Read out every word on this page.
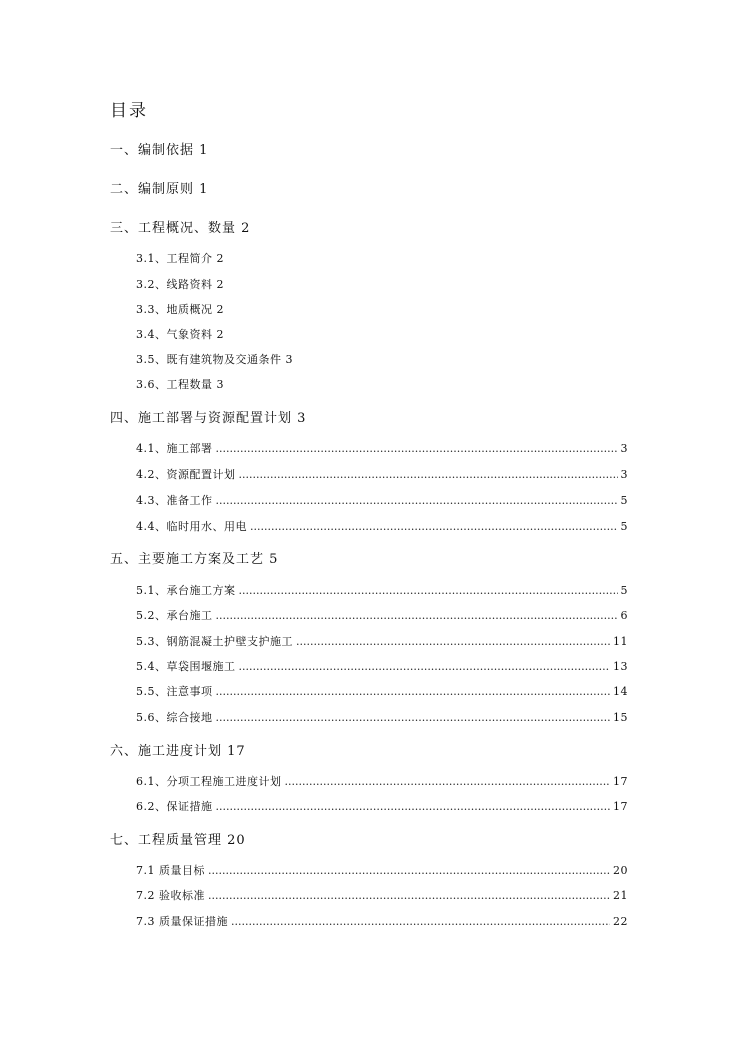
目录
一、编制依据 1
二、编制原则 1
三、工程概况、数量 2
3.1、工程简介 2
3.2、线路资料 2
3.3、地质概况 2
3.4、气象资料 2
3.5、既有建筑物及交通条件 3
3.6、工程数量 3
四、施工部署与资源配置计划 3
4.1、施工部署 .....	3
4.2、资源配置计划 .....	3
4.3、准备工作 .....	5
4.4、临时用水、用电 .....	5
五、主要施工方案及工艺 5
5.1、承台施工方案 .....	5
5.2、承台施工 .....	6
5.3、钢筋混凝土护壁支护施工 .....	11
5.4、草袋围堰施工 .....	13
5.5、注意事项 .....	14
5.6、综合接地 .....	15
六、施工进度计划 17
6.1、分项工程施工进度计划 .....	17
6.2、保证措施 .....	17
七、工程质量管理 20
7.1 质量目标 .....	20
7.2 验收标准 .....	21
7.3 质量保证措施 .....	22
